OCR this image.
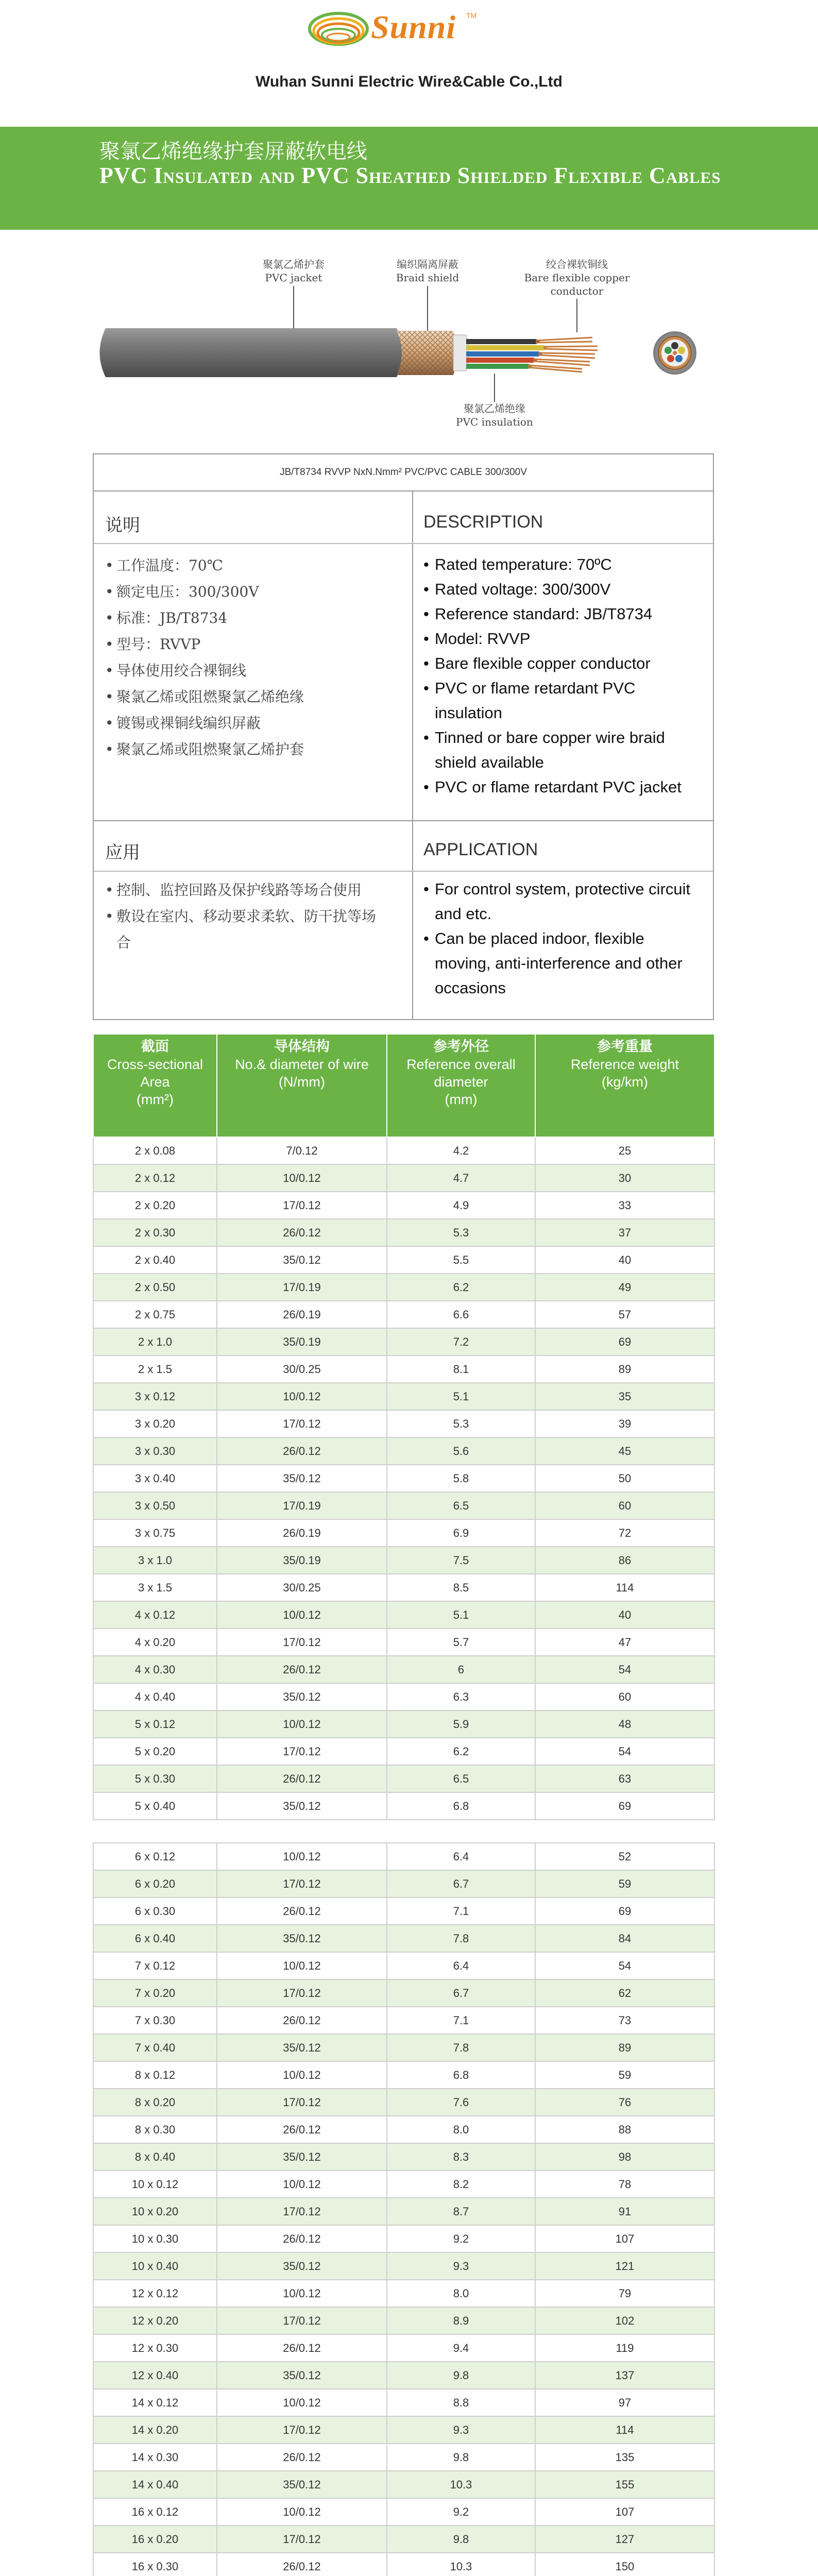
Sunni TM
Wuhan Sunni Electric Wire&Cable Co.,Ltd
聚氯乙烯绝缘护套屏蔽软电线
PVC Insulated and PVC Sheathed Shielded Flexible Cables
聚氯乙烯护套
PVC jacket
编织隔离屏蔽
Braid shield
绞合裸软铜线
Bare flexible copper
conductor
聚氯乙烯绝缘
PVC insulation
JB/T8734 RVVP NxN.Nmm² PVC/PVC CABLE 300/300V
说明	DESCRIPTION
• 工作温度：70℃
• 额定电压：300/300V
• 标准：JB/T8734
• 型号：RVVP
• 导体使用绞合裸铜线
• 聚氯乙烯或阻燃聚氯乙烯绝缘
• 镀锡或裸铜线编织屏蔽
• 聚氯乙烯或阻燃聚氯乙烯护套
• Rated temperature: 70ºC
• Rated voltage: 300/300V
• Reference standard: JB/T8734
• Model: RVVP
• Bare flexible copper conductor
• PVC or flame retardant PVC insulation
• Tinned or bare copper wire braid shield available
• PVC or flame retardant PVC jacket
应用	APPLICATION
• 控制、监控回路及保护线路等场合使用
• 敷设在室内、移动要求柔软、防干扰等场合
• For control system, protective circuit and etc.
• Can be placed indoor, flexible moving, anti-interference and other occasions
截面
Cross-sectional Area
(mm²)	导体结构
No.& diameter of wire
(N/mm)	参考外径
Reference overall diameter
(mm)	参考重量
Reference weight
(kg/km)
2 x 0.08	7/0.12	4.2	25
2 x 0.12	10/0.12	4.7	30
2 x 0.20	17/0.12	4.9	33
2 x 0.30	26/0.12	5.3	37
2 x 0.40	35/0.12	5.5	40
2 x 0.50	17/0.19	6.2	49
2 x 0.75	26/0.19	6.6	57
2 x 1.0	35/0.19	7.2	69
2 x 1.5	30/0.25	8.1	89
3 x 0.12	10/0.12	5.1	35
3 x 0.20	17/0.12	5.3	39
3 x 0.30	26/0.12	5.6	45
3 x 0.40	35/0.12	5.8	50
3 x 0.50	17/0.19	6.5	60
3 x 0.75	26/0.19	6.9	72
3 x 1.0	35/0.19	7.5	86
3 x 1.5	30/0.25	8.5	114
4 x 0.12	10/0.12	5.1	40
4 x 0.20	17/0.12	5.7	47
4 x 0.30	26/0.12	6	54
4 x 0.40	35/0.12	6.3	60
5 x 0.12	10/0.12	5.9	48
5 x 0.20	17/0.12	6.2	54
5 x 0.30	26/0.12	6.5	63
5 x 0.40	35/0.12	6.8	69
6 x 0.12	10/0.12	6.4	52
6 x 0.20	17/0.12	6.7	59
6 x 0.30	26/0.12	7.1	69
6 x 0.40	35/0.12	7.8	84
7 x 0.12	10/0.12	6.4	54
7 x 0.20	17/0.12	6.7	62
7 x 0.30	26/0.12	7.1	73
7 x 0.40	35/0.12	7.8	89
8 x 0.12	10/0.12	6.8	59
8 x 0.20	17/0.12	7.6	76
8 x 0.30	26/0.12	8.0	88
8 x 0.40	35/0.12	8.3	98
10 x 0.12	10/0.12	8.2	78
10 x 0.20	17/0.12	8.7	91
10 x 0.30	26/0.12	9.2	107
10 x 0.40	35/0.12	9.3	121
12 x 0.12	10/0.12	8.0	79
12 x 0.20	17/0.12	8.9	102
12 x 0.30	26/0.12	9.4	119
12 x 0.40	35/0.12	9.8	137
14 x 0.12	10/0.12	8.8	97
14 x 0.20	17/0.12	9.3	114
14 x 0.30	26/0.12	9.8	135
14 x 0.40	35/0.12	10.3	155
16 x 0.12	10/0.12	9.2	107
16 x 0.20	17/0.12	9.8	127
16 x 0.30	26/0.12	10.3	150
